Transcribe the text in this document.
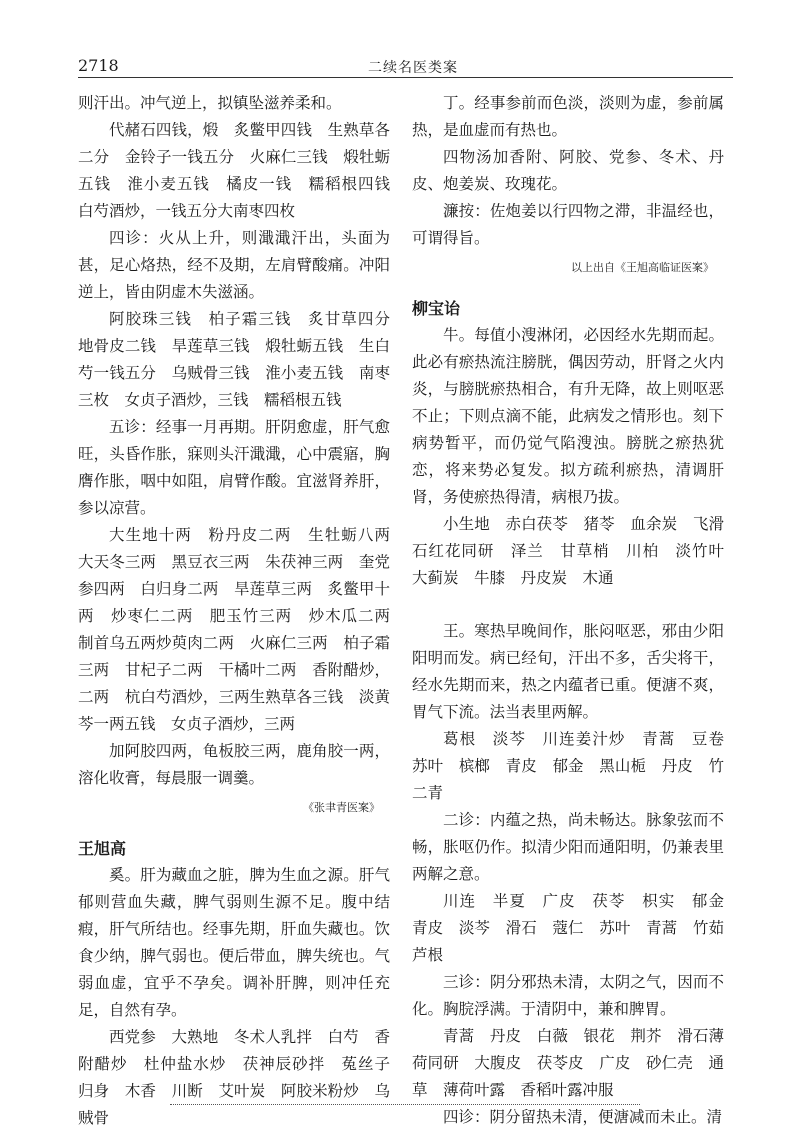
2718	二续名医类案

则汗出。冲气逆上，拟镇坠滋养柔和。

代赭石四钱，煅　炙鳖甲四钱　生熟草各二分　金铃子一钱五分　火麻仁三钱　煅牡蛎五钱　淮小麦五钱　橘皮一钱　糯稻根四钱　白芍酒炒，一钱五分大南枣四枚

四诊：火从上升，则濈濈汗出，头面为甚，足心烙热，经不及期，左肩臂酸痛。冲阳逆上，皆由阴虚木失滋涵。

阿胶珠三钱　柏子霜三钱　炙甘草四分　地骨皮二钱　旱莲草三钱　煅牡蛎五钱　生白芍一钱五分　乌贼骨三钱　淮小麦五钱　南枣三枚　女贞子酒炒，三钱　糯稻根五钱

五诊：经事一月再期。肝阴愈虚，肝气愈旺，头昏作胀，寐则头汗濈濈，心中震寤，胸膺作胀，咽中如阻，肩臂作酸。宜滋肾养肝，参以凉营。

大生地十两　粉丹皮二两　生牡蛎八两　大天冬三两　黑豆衣三两　朱茯神三两　奎党参四两　白归身二两　旱莲草三两　炙鳖甲十两　炒枣仁二两　肥玉竹三两　炒木瓜二两　制首乌五两炒萸肉二两　火麻仁三两　柏子霜三两　甘杞子二两　干橘叶二两　香附醋炒，二两　杭白芍酒炒，三两生熟草各三钱　淡黄芩一两五钱　女贞子酒炒，三两

加阿胶四两，龟板胶三两，鹿角胶一两，溶化收膏，每晨服一调羹。

《张聿青医案》

王旭高

奚。肝为藏血之脏，脾为生血之源。肝气郁则营血失藏，脾气弱则生源不足。腹中结瘕，肝气所结也。经事先期，肝血失藏也。饮食少纳，脾气弱也。便后带血，脾失统也。气弱血虚，宜乎不孕矣。调补肝脾，则冲任充足，自然有孕。

西党参　大熟地　冬术人乳拌　白芍　香附醋炒　杜仲盐水炒　茯神辰砂拌　菟丝子　归身　木香　川断　艾叶炭　阿胶米粉炒　乌贼骨

丁。经事参前而色淡，淡则为虚，参前属热，是血虚而有热也。

四物汤加香附、阿胶、党参、冬术、丹皮、炮姜炭、玫瑰花。

濂按：佐炮姜以行四物之滞，非温经也，可谓得旨。

以上出自《王旭高临证医案》

柳宝诒

牛。每值小溲淋闭，必因经水先期而起。此必有瘀热流注膀胱，偶因劳动，肝肾之火内炎，与膀胱瘀热相合，有升无降，故上则呕恶不止；下则点滴不能，此病发之情形也。刻下病势暂平，而仍觉气陷溲浊。膀胱之瘀热犹恋，将来势必复发。拟方疏利瘀热，清调肝肾，务使瘀热得清，病根乃拔。

小生地　赤白茯苓　猪苓　血余炭　飞滑石红花同研　泽兰　甘草梢　川柏　淡竹叶　大蓟炭　牛膝　丹皮炭　木通

王。寒热早晚间作，胀闷呕恶，邪由少阳阳明而发。病已经旬，汗出不多，舌尖将干，经水先期而来，热之内蕴者已重。便溏不爽，胃气下流。法当表里两解。

葛根　淡芩　川连姜汁炒　青蒿　豆卷　苏叶　槟榔　青皮　郁金　黑山栀　丹皮　竹二青

二诊：内蕴之热，尚未畅达。脉象弦而不畅，胀呕仍作。拟清少阳而通阳明，仍兼表里两解之意。

川连　半夏　广皮　茯苓　枳实　郁金　青皮　淡芩　滑石　蔻仁　苏叶　青蒿　竹茹　芦根

三诊：阴分邪热未清，太阴之气，因而不化。胸脘浮满。于清阴中，兼和脾胃。

青蒿　丹皮　白薇　银花　荆芥　滑石薄荷同研　大腹皮　茯苓皮　广皮　砂仁壳　通草　薄荷叶露　香稻叶露冲服

四诊：阴分留热未清，便溏减而未止。清
